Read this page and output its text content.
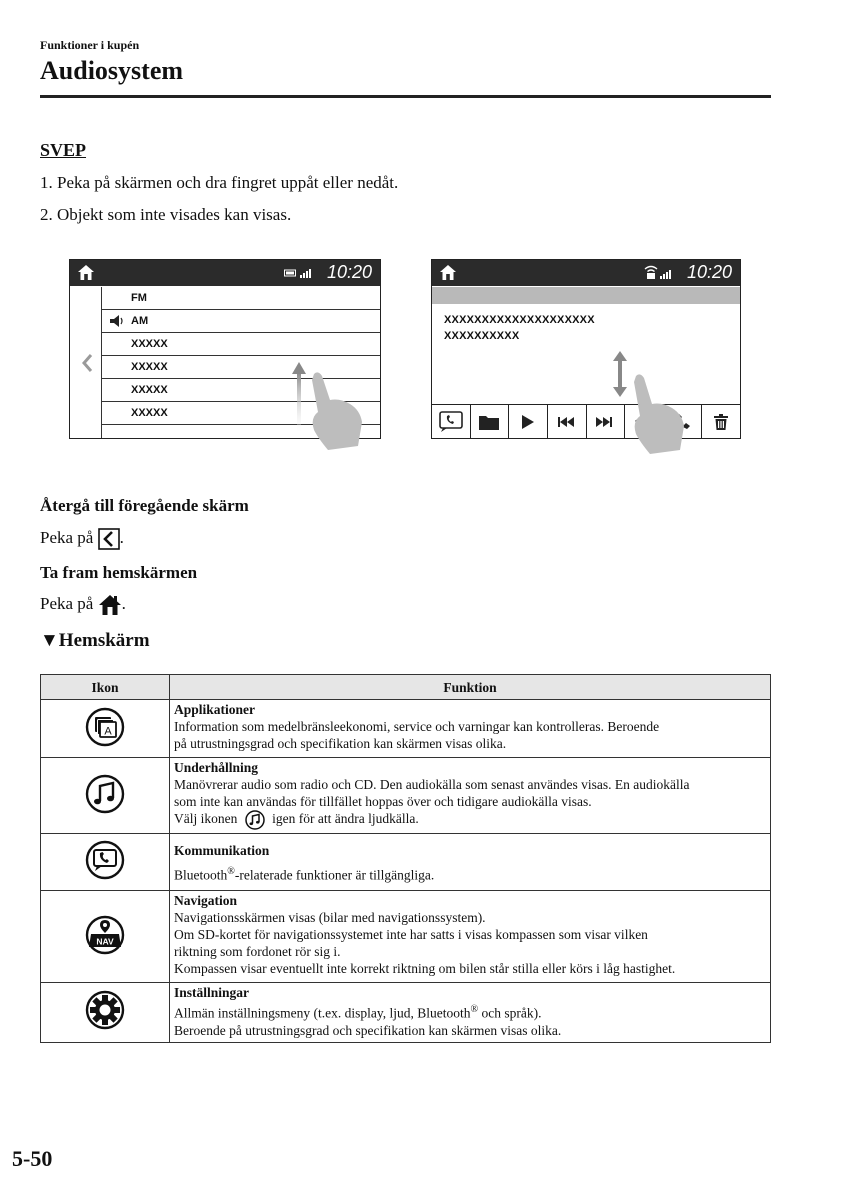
Funktioner i kupén
Audiosystem
SVEP
1. Peka på skärmen och dra fingret uppåt eller nedåt.
2. Objekt som inte visades kan visas.
10:20
FM
AM
XXXXX
XXXXX
XXXXX
XXXXX
10:20
XXXXXXXXXXXXXXXXXXXX
XXXXXXXXXX
Återgå till föregående skärm
Peka på .
Ta fram hemskärmen
Peka på .
▼Hemskärm
Ikon	Funktion

A	Applikationer
Information som medelbränsleekonomi, service och varningar kan kontrolleras. Beroende
på utrustningsgrad och specifikation kan skärmen visas olika.

Underhållning
Manövrerar audio som radio och CD. Den audiokälla som senast användes visas. En audiokälla
som inte kan användas för tillfället hoppas över och tidigare audiokälla visas.
Välj ikonen igen för att ändra ljudkälla.

Kommunikation
Bluetooth®-relaterade funktioner är tillgängliga.

NAV	Navigation
Navigationsskärmen visas (bilar med navigationssystem).
Om SD-kortet för navigationssystemet inte har satts i visas kompassen som visar vilken
riktning som fordonet rör sig i.
Kompassen visar eventuellt inte korrekt riktning om bilen står stilla eller körs i låg hastighet.

Inställningar
Allmän inställningsmeny (t.ex. display, ljud, Bluetooth® och språk).
Beroende på utrustningsgrad och specifikation kan skärmen visas olika.
5-50
